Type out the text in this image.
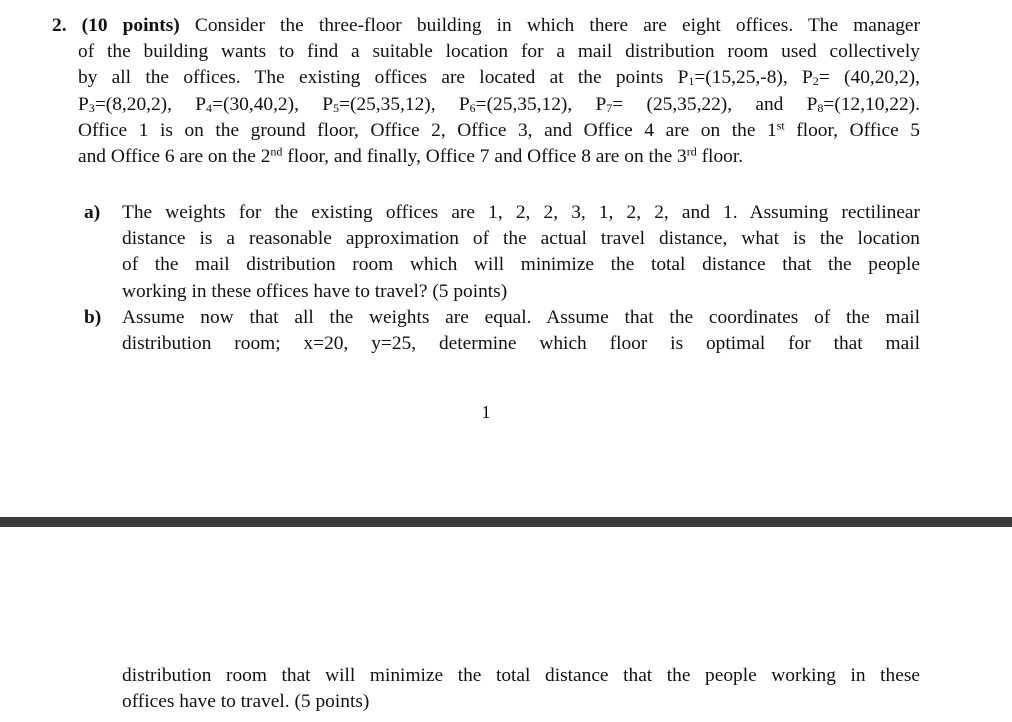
2. (10 points) Consider the three-floor building in which there are eight offices. The manager
of the building wants to find a suitable location for a mail distribution room used collectively
by all the offices. The existing offices are located at the points $P_1=(15,25,-8)$, $P_2= (40,20,2)$,
$P_3=(8,20,2)$, $P_4=(30,40,2)$, $P_5=(25,35,12)$, $P_6=(25,35,12)$, $P_7= (25,35,22)$, and $P_8=(12,10,22)$.
Office 1 is on the ground floor, Office 2, Office 3, and Office 4 are on the 1st floor, Office 5
and Office 6 are on the 2nd floor, and finally, Office 7 and Office 8 are on the 3rd floor.
a)	The weights for the existing offices are 1, 2, 2, 3, 1, 2, 2, and 1. Assuming rectilinear
distance is a reasonable approximation of the actual travel distance, what is the location
of the mail distribution room which will minimize the total distance that the people
working in these offices have to travel? (5 points)
b)	Assume now that all the weights are equal. Assume that the coordinates of the mail
distribution room; x=20, y=25, determine which floor is optimal for that mail
1
distribution room that will minimize the total distance that the people working in these
offices have to travel. (5 points)
